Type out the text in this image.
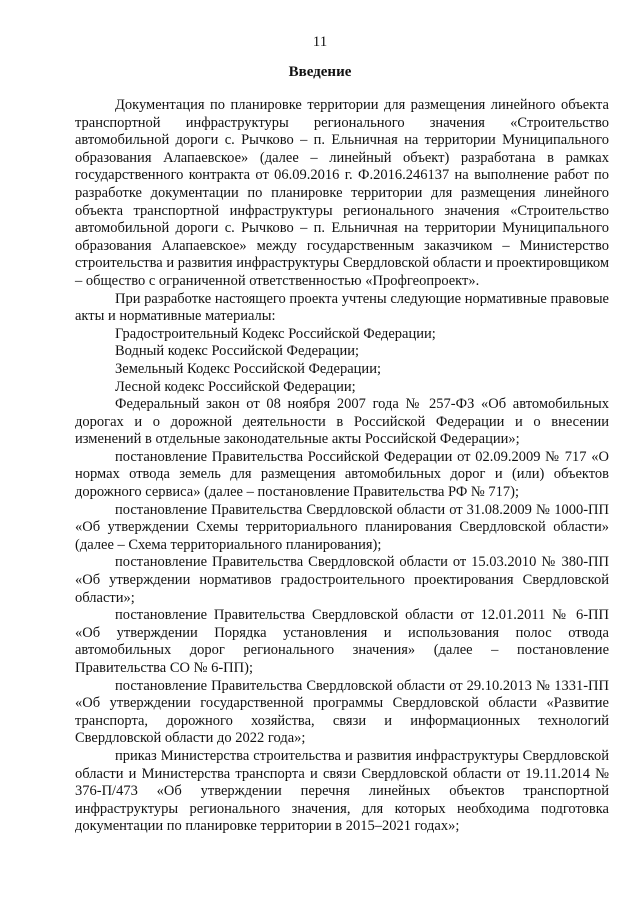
11
Введение

Документация по планировке территории для размещения линейного объекта транспортной инфраструктуры регионального значения «Строительство автомобильной дороги с. Рычково – п. Ельничная на территории Муниципального образования Алапаевское» (далее – линейный объект) разработана в рамках государственного контракта от 06.09.2016 г. Ф.2016.246137 на выполнение работ по разработке документации по планировке территории для размещения линейного объекта транспортной инфраструктуры регионального значения «Строительство автомобильной дороги с. Рычково – п. Ельничная на территории Муниципального образования Алапаевское» между государственным заказчиком – Министерство строительства и развития инфраструктуры Свердловской области и проектировщиком – общество с ограниченной ответственностью «Профгеопроект».

При разработке настоящего проекта учтены следующие нормативные правовые акты и нормативные материалы:

Градостроительный Кодекс Российской Федерации;

Водный кодекс Российской Федерации;

Земельный Кодекс Российской Федерации;

Лесной кодекс Российской Федерации;

Федеральный закон от 08 ноября 2007 года № 257-ФЗ «Об автомобильных дорогах и о дорожной деятельности в Российской Федерации и о внесении изменений в отдельные законодательные акты Российской Федерации»;

постановление Правительства Российской Федерации от 02.09.2009 № 717 «О нормах отвода земель для размещения автомобильных дорог и (или) объектов дорожного сервиса» (далее – постановление Правительства РФ № 717);

постановление Правительства Свердловской области от 31.08.2009 № 1000-ПП «Об утверждении Схемы территориального планирования Свердловской области» (далее – Схема территориального планирования);

постановление Правительства Свердловской области от 15.03.2010 № 380-ПП «Об утверждении нормативов градостроительного проектирования Свердловской области»;

постановление Правительства Свердловской области от 12.01.2011 № 6-ПП «Об утверждении Порядка установления и использования полос отвода автомобильных дорог регионального значения» (далее – постановление Правительства СО № 6-ПП);

постановление Правительства Свердловской области от 29.10.2013 № 1331-ПП «Об утверждении государственной программы Свердловской области «Развитие транспорта, дорожного хозяйства, связи и информационных технологий Свердловской области до 2022 года»;

приказ Министерства строительства и развития инфраструктуры Свердловской области и Министерства транспорта и связи Свердловской области от 19.11.2014 № 376-П/473 «Об утверждении перечня линейных объектов транспортной инфраструктуры регионального значения, для которых необходима подготовка документации по планировке территории в 2015–2021 годах»;
